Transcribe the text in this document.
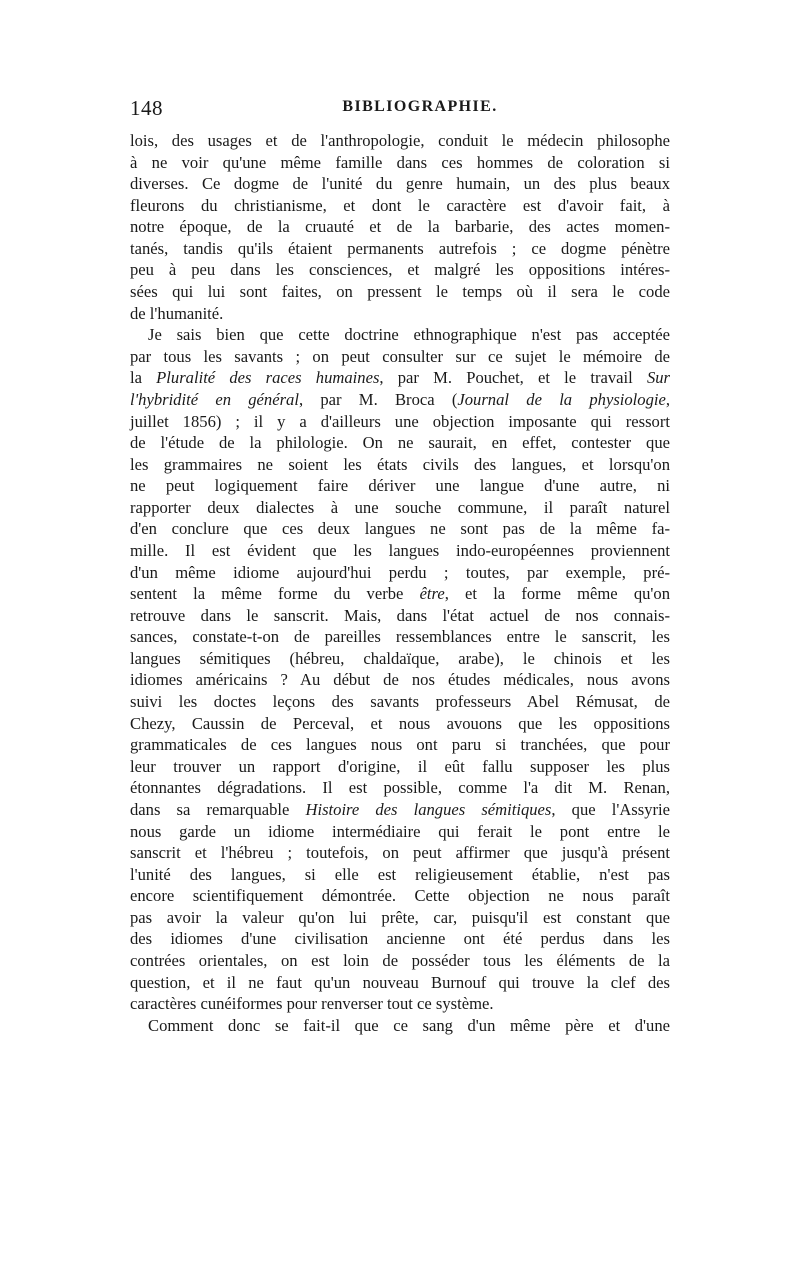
148	BIBLIOGRAPHIE.
lois, des usages et de l'anthropologie, conduit le médecin philosophe
à ne voir qu'une même famille dans ces hommes de coloration si
diverses. Ce dogme de l'unité du genre humain, un des plus beaux
fleurons du christianisme, et dont le caractère est d'avoir fait, à
notre époque, de la cruauté et de la barbarie, des actes momen-
tanés, tandis qu'ils étaient permanents autrefois ; ce dogme pénètre
peu à peu dans les consciences, et malgré les oppositions intéres-
sées qui lui sont faites, on pressent le temps où il sera le code
de l'humanité.
Je sais bien que cette doctrine ethnographique n'est pas acceptée
par tous les savants ; on peut consulter sur ce sujet le mémoire de
la Pluralité des races humaines, par M. Pouchet, et le travail Sur
l'hybridité en général, par M. Broca (Journal de la physiologie,
juillet 1856) ; il y a d'ailleurs une objection imposante qui ressort
de l'étude de la philologie. On ne saurait, en effet, contester que
les grammaires ne soient les états civils des langues, et lorsqu'on
ne peut logiquement faire dériver une langue d'une autre, ni
rapporter deux dialectes à une souche commune, il paraît naturel
d'en conclure que ces deux langues ne sont pas de la même fa-
mille. Il est évident que les langues indo-européennes proviennent
d'un même idiome aujourd'hui perdu ; toutes, par exemple, pré-
sentent la même forme du verbe être, et la forme même qu'on
retrouve dans le sanscrit. Mais, dans l'état actuel de nos connais-
sances, constate-t-on de pareilles ressemblances entre le sanscrit, les
langues sémitiques (hébreu, chaldaïque, arabe), le chinois et les
idiomes américains ? Au début de nos études médicales, nous avons
suivi les doctes leçons des savants professeurs Abel Rémusat, de
Chezy, Caussin de Perceval, et nous avouons que les oppositions
grammaticales de ces langues nous ont paru si tranchées, que pour
leur trouver un rapport d'origine, il eût fallu supposer les plus
étonnantes dégradations. Il est possible, comme l'a dit M. Renan,
dans sa remarquable Histoire des langues sémitiques, que l'Assyrie
nous garde un idiome intermédiaire qui ferait le pont entre le
sanscrit et l'hébreu ; toutefois, on peut affirmer que jusqu'à présent
l'unité des langues, si elle est religieusement établie, n'est pas
encore scientifiquement démontrée. Cette objection ne nous paraît
pas avoir la valeur qu'on lui prête, car, puisqu'il est constant que
des idiomes d'une civilisation ancienne ont été perdus dans les
contrées orientales, on est loin de posséder tous les éléments de la
question, et il ne faut qu'un nouveau Burnouf qui trouve la clef des
caractères cunéiformes pour renverser tout ce système.
Comment donc se fait-il que ce sang d'un même père et d'une
